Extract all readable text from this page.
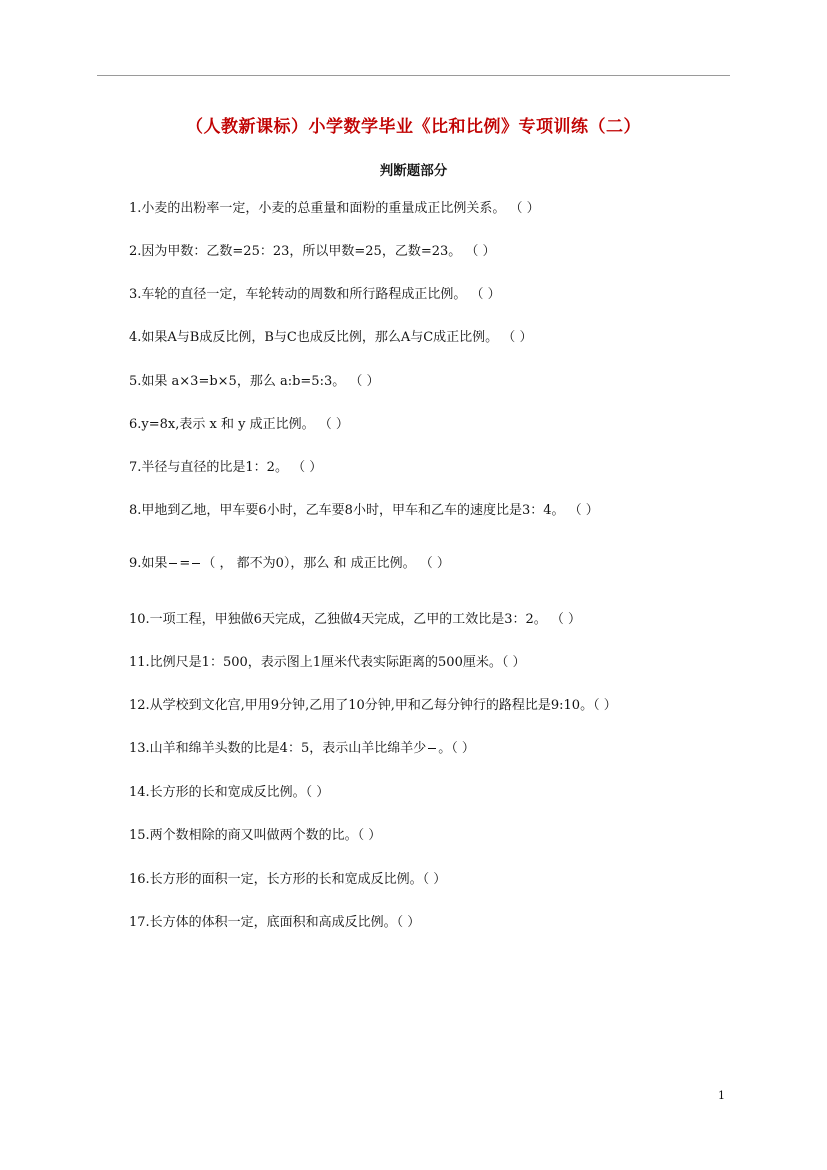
（人教新课标）小学数学毕业《比和比例》专项训练（二）
判断题部分
1.小麦的出粉率一定，小麦的总重量和面粉的重量成正比例关系。 （ ）
2.因为甲数：乙数=25：23，所以甲数=25，乙数=23。 （ ）
3.车轮的直径一定，车轮转动的周数和所行路程成正比例。 （ ）
4.如果A与B成反比例，B与C也成反比例，那么A与C成正比例。 （ ）
5.如果 a×3=b×5，那么 a:b=5:3。 （ ）
6.y=8x,表示 x 和 y 成正比例。 （ ）
7.半径与直径的比是1：2。 （ ）
8.甲地到乙地，甲车要6小时，乙车要8小时，甲车和乙车的速度比是3：4。 （ ）
9.如果 = （ ， 都不为0），那么 和 成正比例。 （ ）
10.一项工程，甲独做6天完成，乙独做4天完成，乙甲的工效比是3：2。 （ ）
11.比例尺是1：500，表示图上1厘米代表实际距离的500厘米。（ ）
12.从学校到文化宫,甲用9分钟,乙用了10分钟,甲和乙每分钟行的路程比是9:10。（ ）
13.山羊和绵羊头数的比是4：5，表示山羊比绵羊少 。（ ）
14.长方形的长和宽成反比例。（ ）
15.两个数相除的商又叫做两个数的比。（ ）
16.长方形的面积一定，长方形的长和宽成反比例。（ ）
17.长方体的体积一定，底面积和高成反比例。（ ）
1
